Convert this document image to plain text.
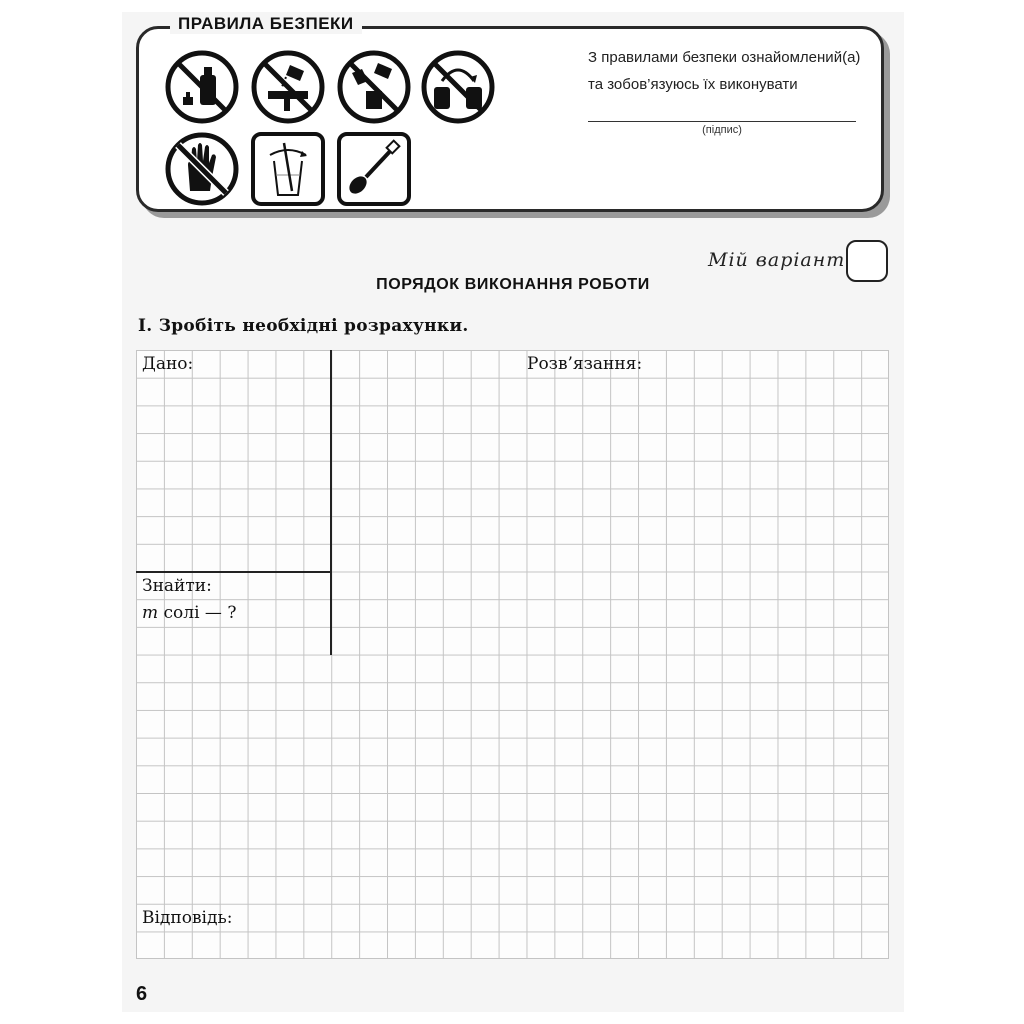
ПРАВИЛА БЕЗПЕКИ
З правилами безпеки ознайомлений(а)
та зобов’язуюсь їх виконувати
(підпис)
Мій варіант
ПОРЯДОК ВИКОНАННЯ РОБОТИ
I. Зробіть необхідні розрахунки.
Дано:	Розв’язання:
Знайти:
m солі — ?
Відповідь:
6
